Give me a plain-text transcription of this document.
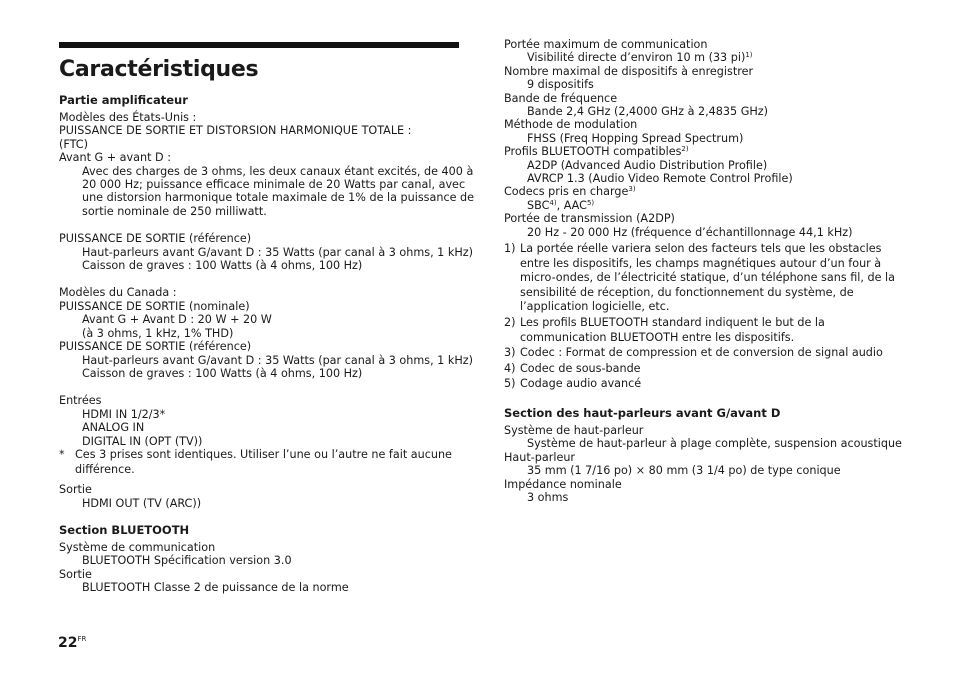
Caractéristiques
Partie amplificateur
Modèles des États-Unis :
PUISSANCE DE SORTIE ET DISTORSION HARMONIQUE TOTALE :
(FTC)
Avant G + avant D :
Avec des charges de 3 ohms, les deux canaux étant excités, de 400 à
20 000 Hz; puissance efficace minimale de 20 Watts par canal, avec
une distorsion harmonique totale maximale de 1% de la puissance de
sortie nominale de 250 milliwatt.
PUISSANCE DE SORTIE (référence)
Haut-parleurs avant G/avant D : 35 Watts (par canal à 3 ohms, 1 kHz)
Caisson de graves : 100 Watts (à 4 ohms, 100 Hz)
Modèles du Canada :
PUISSANCE DE SORTIE (nominale)
Avant G + Avant D : 20 W + 20 W
(à 3 ohms, 1 kHz, 1% THD)
PUISSANCE DE SORTIE (référence)
Haut-parleurs avant G/avant D : 35 Watts (par canal à 3 ohms, 1 kHz)
Caisson de graves : 100 Watts (à 4 ohms, 100 Hz)
Entrées
HDMI IN 1/2/3*
ANALOG IN
DIGITAL IN (OPT (TV))
* Ces 3 prises sont identiques. Utiliser l’une ou l’autre ne fait aucune différence.
Sortie
HDMI OUT (TV (ARC))
Section BLUETOOTH
Système de communication
BLUETOOTH Spécification version 3.0
Sortie
BLUETOOTH Classe 2 de puissance de la norme
Portée maximum de communication
Visibilité directe d’environ 10 m (33 pi)$^{1)}$
Nombre maximal de dispositifs à enregistrer
9 dispositifs
Bande de fréquence
Bande 2,4 GHz (2,4000 GHz à 2,4835 GHz)
Méthode de modulation
FHSS (Freq Hopping Spread Spectrum)
Profils BLUETOOTH compatibles$^{2)}$
A2DP (Advanced Audio Distribution Profile)
AVRCP 1.3 (Audio Video Remote Control Profile)
Codecs pris en charge$^{3)}$
SBC$^{4)}$, AAC$^{5)}$
Portée de transmission (A2DP)
20 Hz - 20 000 Hz (fréquence d’échantillonnage 44,1 kHz)
1) La portée réelle variera selon des facteurs tels que les obstacles entre les dispositifs, les champs magnétiques autour d’un four à micro-ondes, de l’électricité statique, d’un téléphone sans fil, de la sensibilité de réception, du fonctionnement du système, de l’application logicielle, etc.
2) Les profils BLUETOOTH standard indiquent le but de la communication BLUETOOTH entre les dispositifs.
3) Codec : Format de compression et de conversion de signal audio
4) Codec de sous-bande
5) Codage audio avancé
Section des haut-parleurs avant G/avant D
Système de haut-parleur
Système de haut-parleur à plage complète, suspension acoustique
Haut-parleur
35 mm (1 7/16 po) × 80 mm (3 1/4 po) de type conique
Impédance nominale
3 ohms
$22^{FR}$
